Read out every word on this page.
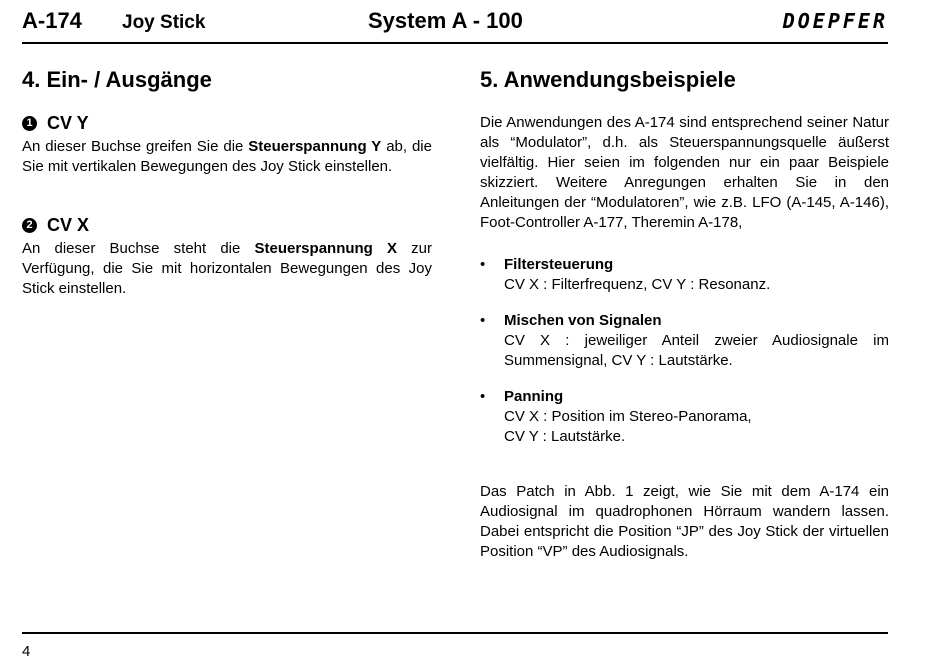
A-174 Joy Stick	System A - 100	DOEPFER
4. Ein- / Ausgänge
1 CV Y

An dieser Buchse greifen Sie die Steuerspannung Y ab, die Sie mit vertikalen Bewegungen des Joy Stick einstellen.

2 CV X

An dieser Buchse steht die Steuerspannung X zur Verfügung, die Sie mit horizontalen Bewegungen des Joy Stick einstellen.

5. Anwendungsbeispiele

Die Anwendungen des A-174 sind entsprechend seiner Natur als “Modulator”, d.h. als Steuerspannungsquelle äußerst vielfältig. Hier seien im folgenden nur ein paar Beispiele skizziert. Weitere Anregungen erhalten Sie in den Anleitungen der “Modulatoren”, wie z.B. LFO (A-145, A-146), Foot-Controller A-177, Theremin A-178,

•	Filtersteuerung
CV X : Filterfrequenz, CV Y : Resonanz.
•	Mischen von Signalen
CV X : jeweiliger Anteil zweier Audiosignale im Summensignal, CV Y : Lautstärke.
•	Panning
CV X : Position im Stereo-Panorama,
CV Y : Lautstärke.

Das Patch in Abb. 1 zeigt, wie Sie mit dem A-174 ein Audiosignal im quadrophonen Hörraum wandern lassen. Dabei entspricht die Position “JP” des Joy Stick der virtuellen Position “VP” des Audiosignals.

4
